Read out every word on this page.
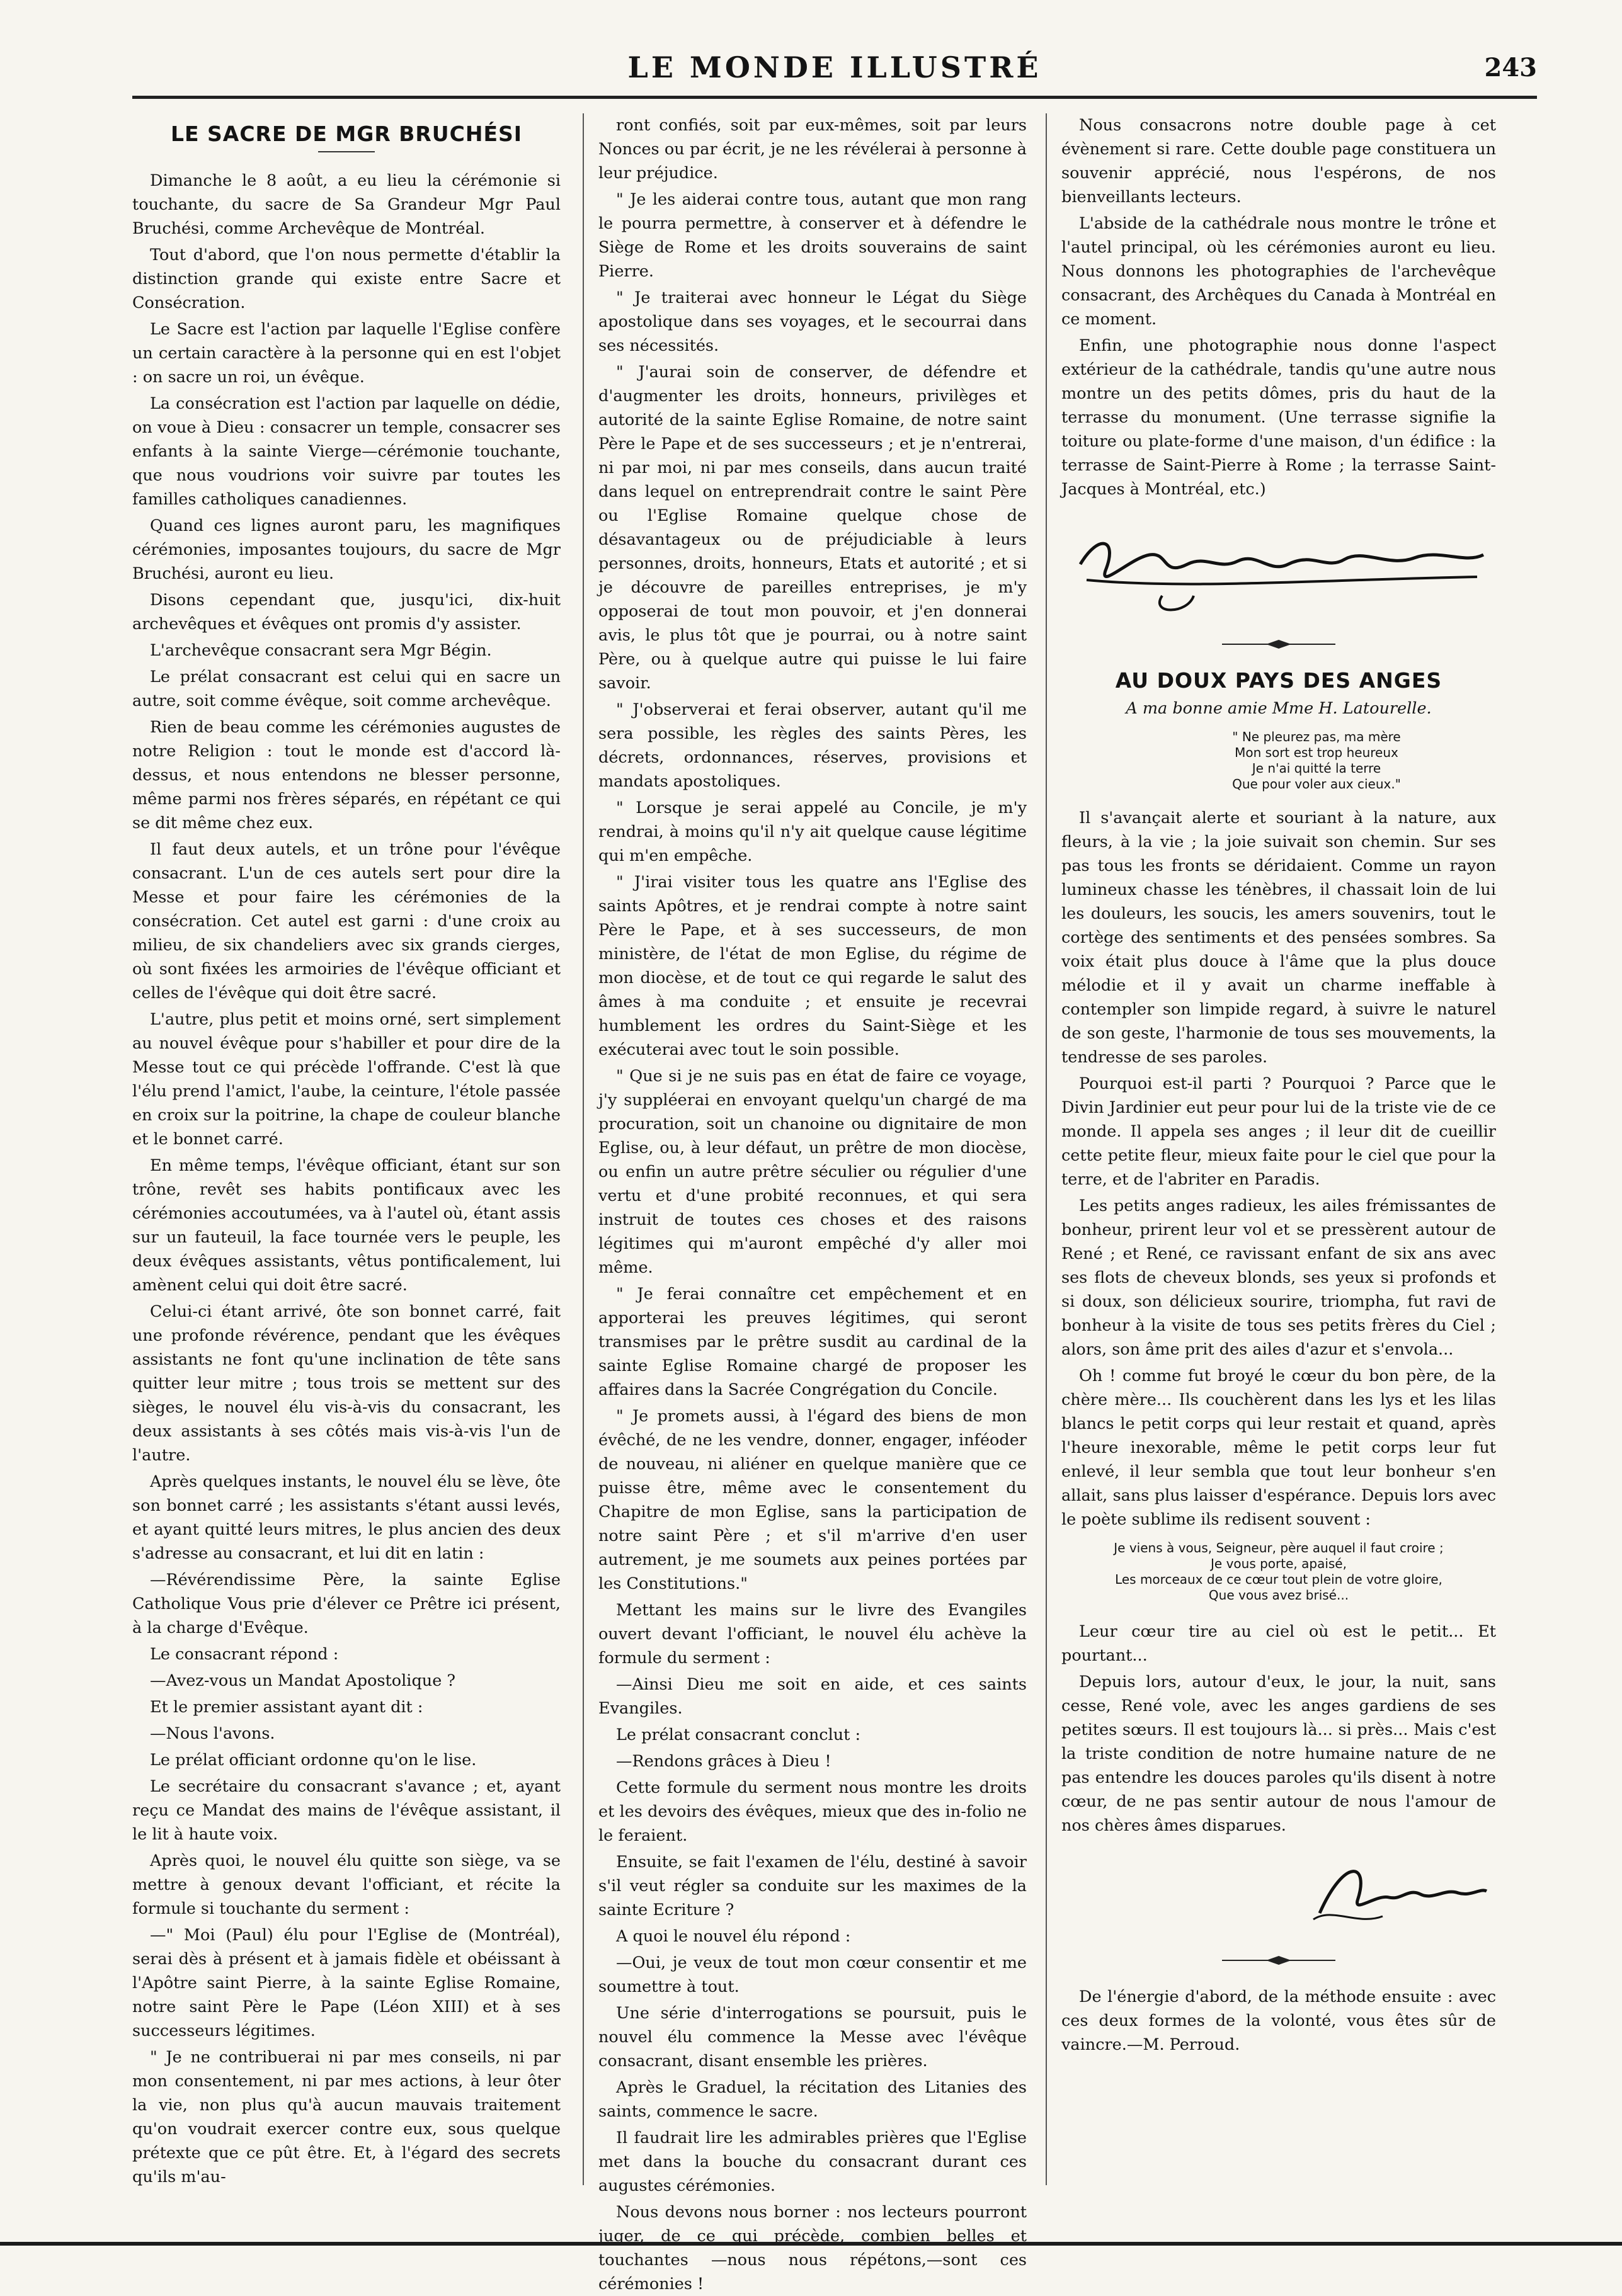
LE MONDE ILLUSTRÉ	243
LE SACRE DE MGR BRUCHÉSI

Dimanche le 8 août, a eu lieu la cérémonie si touchante, du sacre de Sa Grandeur Mgr Paul Bruchési, comme Archevêque de Montréal.

Tout d'abord, que l'on nous permette d'établir la distinction grande qui existe entre Sacre et Consécration.

Le Sacre est l'action par laquelle l'Eglise confère un certain caractère à la personne qui en est l'objet : on sacre un roi, un évêque.

La consécration est l'action par laquelle on dédie, on voue à Dieu : consacrer un temple, consacrer ses enfants à la sainte Vierge—cérémonie touchante, que nous voudrions voir suivre par toutes les familles catholiques canadiennes.

Quand ces lignes auront paru, les magnifiques cérémonies, imposantes toujours, du sacre de Mgr Bruchési, auront eu lieu.

Disons cependant que, jusqu'ici, dix-huit archevêques et évêques ont promis d'y assister.

L'archevêque consacrant sera Mgr Bégin.

Le prélat consacrant est celui qui en sacre un autre, soit comme évêque, soit comme archevêque.

Rien de beau comme les cérémonies augustes de notre Religion : tout le monde est d'accord là-dessus, et nous entendons ne blesser personne, même parmi nos frères séparés, en répétant ce qui se dit même chez eux.

Il faut deux autels, et un trône pour l'évêque consacrant. L'un de ces autels sert pour dire la Messe et pour faire les cérémonies de la consécration. Cet autel est garni : d'une croix au milieu, de six chandeliers avec six grands cierges, où sont fixées les armoiries de l'évêque officiant et celles de l'évêque qui doit être sacré.

L'autre, plus petit et moins orné, sert simplement au nouvel évêque pour s'habiller et pour dire de la Messe tout ce qui précède l'offrande. C'est là que l'élu prend l'amict, l'aube, la ceinture, l'étole passée en croix sur la poitrine, la chape de couleur blanche et le bonnet carré.

En même temps, l'évêque officiant, étant sur son trône, revêt ses habits pontificaux avec les cérémonies accoutumées, va à l'autel où, étant assis sur un fauteuil, la face tournée vers le peuple, les deux évêques assistants, vêtus pontificalement, lui amènent celui qui doit être sacré.

Celui-ci étant arrivé, ôte son bonnet carré, fait une profonde révérence, pendant que les évêques assistants ne font qu'une inclination de tête sans quitter leur mitre ; tous trois se mettent sur des sièges, le nouvel élu vis-à-vis du consacrant, les deux assistants à ses côtés mais vis-à-vis l'un de l'autre.

Après quelques instants, le nouvel élu se lève, ôte son bonnet carré ; les assistants s'étant aussi levés, et ayant quitté leurs mitres, le plus ancien des deux s'adresse au consacrant, et lui dit en latin :

—Révérendissime Père, la sainte Eglise Catholique Vous prie d'élever ce Prêtre ici présent, à la charge d'Evêque.

Le consacrant répond :

—Avez-vous un Mandat Apostolique ?

Et le premier assistant ayant dit :

—Nous l'avons.

Le prélat officiant ordonne qu'on le lise.

Le secrétaire du consacrant s'avance ; et, ayant reçu ce Mandat des mains de l'évêque assistant, il le lit à haute voix.

Après quoi, le nouvel élu quitte son siège, va se mettre à genoux devant l'officiant, et récite la formule si touchante du serment :

—" Moi (Paul) élu pour l'Eglise de (Montréal), serai dès à présent et à jamais fidèle et obéissant à l'Apôtre saint Pierre, à la sainte Eglise Romaine, notre saint Père le Pape (Léon XIII) et à ses successeurs légitimes.

" Je ne contribuerai ni par mes conseils, ni par mon consentement, ni par mes actions, à leur ôter la vie, non plus qu'à aucun mauvais traitement qu'on voudrait exercer contre eux, sous quelque prétexte que ce pût être. Et, à l'égard des secrets qu'ils m'au-

ront confiés, soit par eux-mêmes, soit par leurs Nonces ou par écrit, je ne les révélerai à personne à leur préjudice.

" Je les aiderai contre tous, autant que mon rang le pourra permettre, à conserver et à défendre le Siège de Rome et les droits souverains de saint Pierre.

" Je traiterai avec honneur le Légat du Siège apostolique dans ses voyages, et le secourrai dans ses nécessités.

" J'aurai soin de conserver, de défendre et d'augmenter les droits, honneurs, privilèges et autorité de la sainte Eglise Romaine, de notre saint Père le Pape et de ses successeurs ; et je n'entrerai, ni par moi, ni par mes conseils, dans aucun traité dans lequel on entreprendrait contre le saint Père ou l'Eglise Romaine quelque chose de désavantageux ou de préjudiciable à leurs personnes, droits, honneurs, Etats et autorité ; et si je découvre de pareilles entreprises, je m'y opposerai de tout mon pouvoir, et j'en donnerai avis, le plus tôt que je pourrai, ou à notre saint Père, ou à quelque autre qui puisse le lui faire savoir.

" J'observerai et ferai observer, autant qu'il me sera possible, les règles des saints Pères, les décrets, ordonnances, réserves, provisions et mandats apostoliques.

" Lorsque je serai appelé au Concile, je m'y rendrai, à moins qu'il n'y ait quelque cause légitime qui m'en empêche.

" J'irai visiter tous les quatre ans l'Eglise des saints Apôtres, et je rendrai compte à notre saint Père le Pape, et à ses successeurs, de mon ministère, de l'état de mon Eglise, du régime de mon diocèse, et de tout ce qui regarde le salut des âmes à ma conduite ; et ensuite je recevrai humblement les ordres du Saint-Siège et les exécuterai avec tout le soin possible.

" Que si je ne suis pas en état de faire ce voyage, j'y suppléerai en envoyant quelqu'un chargé de ma procuration, soit un chanoine ou dignitaire de mon Eglise, ou, à leur défaut, un prêtre de mon diocèse, ou enfin un autre prêtre séculier ou régulier d'une vertu et d'une probité reconnues, et qui sera instruit de toutes ces choses et des raisons légitimes qui m'auront empêché d'y aller moi même.

" Je ferai connaître cet empêchement et en apporterai les preuves légitimes, qui seront transmises par le prêtre susdit au cardinal de la sainte Eglise Romaine chargé de proposer les affaires dans la Sacrée Congrégation du Concile.

" Je promets aussi, à l'égard des biens de mon évêché, de ne les vendre, donner, engager, inféoder de nouveau, ni aliéner en quelque manière que ce puisse être, même avec le consentement du Chapitre de mon Eglise, sans la participation de notre saint Père ; et s'il m'arrive d'en user autrement, je me soumets aux peines portées par les Constitutions."

Mettant les mains sur le livre des Evangiles ouvert devant l'officiant, le nouvel élu achève la formule du serment :

—Ainsi Dieu me soit en aide, et ces saints Evangiles.

Le prélat consacrant conclut :

—Rendons grâces à Dieu !

Cette formule du serment nous montre les droits et les devoirs des évêques, mieux que des in-folio ne le feraient.

Ensuite, se fait l'examen de l'élu, destiné à savoir s'il veut régler sa conduite sur les maximes de la sainte Ecriture ?

A quoi le nouvel élu répond :

—Oui, je veux de tout mon cœur consentir et me soumettre à tout.

Une série d'interrogations se poursuit, puis le nouvel élu commence la Messe avec l'évêque consacrant, disant ensemble les prières.

Après le Graduel, la récitation des Litanies des saints, commence le sacre.

Il faudrait lire les admirables prières que l'Eglise met dans la bouche du consacrant durant ces augustes cérémonies.

Nous devons nous borner : nos lecteurs pourront juger, de ce qui précède, combien belles et touchantes —nous nous répétons,—sont ces cérémonies !

Nous consacrons notre double page à cet évènement si rare. Cette double page constituera un souvenir apprécié, nous l'espérons, de nos bienveillants lecteurs.

L'abside de la cathédrale nous montre le trône et l'autel principal, où les cérémonies auront eu lieu. Nous donnons les photographies de l'archevêque consacrant, des Archêques du Canada à Montréal en ce moment.

Enfin, une photographie nous donne l'aspect extérieur de la cathédrale, tandis qu'une autre nous montre un des petits dômes, pris du haut de la terrasse du monument. (Une terrasse signifie la toiture ou plate-forme d'une maison, d'un édifice : la terrasse de Saint-Pierre à Rome ; la terrasse Saint-Jacques à Montréal, etc.)

AU DOUX PAYS DES ANGES
A ma bonne amie Mme H. Latourelle.
" Ne pleurez pas, ma mère
Mon sort est trop heureux
Je n'ai quitté la terre
Que pour voler aux cieux."

Il s'avançait alerte et souriant à la nature, aux fleurs, à la vie ; la joie suivait son chemin. Sur ses pas tous les fronts se déridaient. Comme un rayon lumineux chasse les ténèbres, il chassait loin de lui les douleurs, les soucis, les amers souvenirs, tout le cortège des sentiments et des pensées sombres. Sa voix était plus douce à l'âme que la plus douce mélodie et il y avait un charme ineffable à contempler son limpide regard, à suivre le naturel de son geste, l'harmonie de tous ses mouvements, la tendresse de ses paroles.

Pourquoi est-il parti ? Pourquoi ? Parce que le Divin Jardinier eut peur pour lui de la triste vie de ce monde. Il appela ses anges ; il leur dit de cueillir cette petite fleur, mieux faite pour le ciel que pour la terre, et de l'abriter en Paradis.

Les petits anges radieux, les ailes frémissantes de bonheur, prirent leur vol et se pressèrent autour de René ; et René, ce ravissant enfant de six ans avec ses flots de cheveux blonds, ses yeux si profonds et si doux, son délicieux sourire, triompha, fut ravi de bonheur à la visite de tous ses petits frères du Ciel ; alors, son âme prit des ailes d'azur et s'envola...

Oh ! comme fut broyé le cœur du bon père, de la chère mère... Ils couchèrent dans les lys et les lilas blancs le petit corps qui leur restait et quand, après l'heure inexorable, même le petit corps leur fut enlevé, il leur sembla que tout leur bonheur s'en allait, sans plus laisser d'espérance. Depuis lors avec le poète sublime ils redisent souvent :

Je viens à vous, Seigneur, père auquel il faut croire ;
Je vous porte, apaisé,
Les morceaux de ce cœur tout plein de votre gloire,
Que vous avez brisé...

Leur cœur tire au ciel où est le petit... Et pourtant...

Depuis lors, autour d'eux, le jour, la nuit, sans cesse, René vole, avec les anges gardiens de ses petites sœurs. Il est toujours là... si près... Mais c'est la triste condition de notre humaine nature de ne pas entendre les douces paroles qu'ils disent à notre cœur, de ne pas sentir autour de nous l'amour de nos chères âmes disparues.

De l'énergie d'abord, de la méthode ensuite : avec ces deux formes de la volonté, vous êtes sûr de vaincre.—M. Perroud.
